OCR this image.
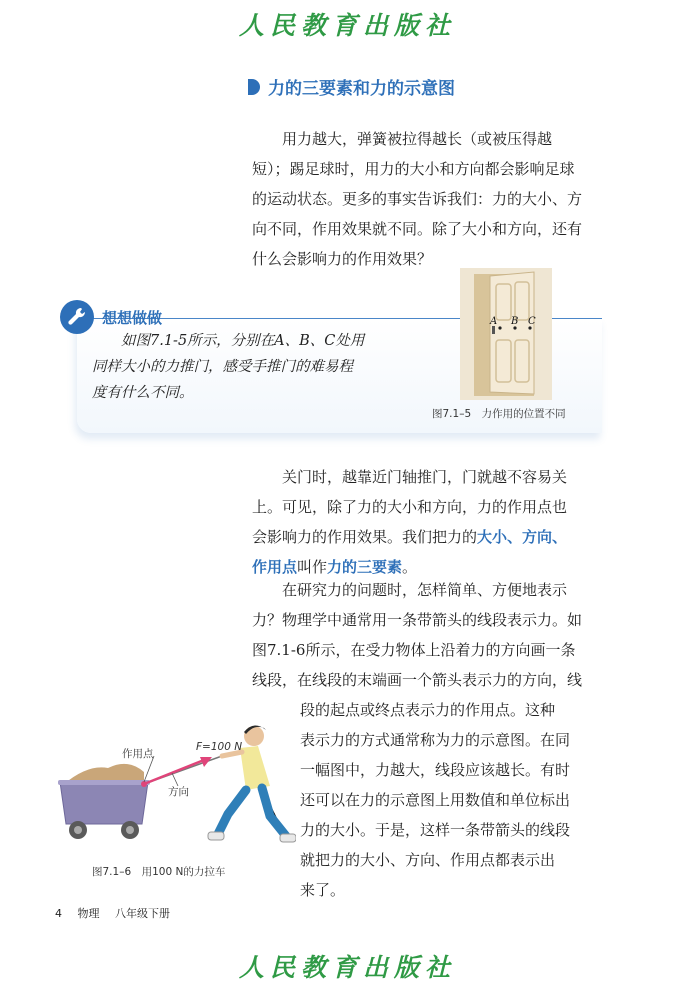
人民教育出版社
力的三要素和力的示意图

用力越大，弹簧被拉得越长（或被压得越

短）；踢足球时，用力的大小和方向都会影响足球

的运动状态。更多的事实告诉我们：力的大小、方

向不同，作用效果就不同。除了大小和方向，还有

什么会影响力的作用效果？

想想做做
如图7.1-5所示，分别在A、B、C处用
同样大小的力推门，感受手推门的难易程
度有什么不同。
A B C
图7.1–5　力作用的位置不同

关门时，越靠近门轴推门，门就越不容易关

上。可见，除了力的大小和方向，力的作用点也

会影响力的作用效果。我们把力的大小、方向、

作用点叫作力的三要素。

在研究力的问题时，怎样简单、方便地表示

力？物理学中通常用一条带箭头的线段表示力。如

图7.1-6所示，在受力物体上沿着力的方向画一条

线段，在线段的末端画一个箭头表示力的方向，线

段的起点或终点表示力的作用点。这种

表示力的方式通常称为力的示意图。在同

一幅图中，力越大，线段应该越长。有时

还可以在力的示意图上用数值和单位标出

力的大小。于是，这样一条带箭头的线段

就把力的大小、方向、作用点都表示出

来了。

作用点
F=100 N
方向
图7.1–6　用100 N的力拉车
4 物理 八年级下册
人民教育出版社
